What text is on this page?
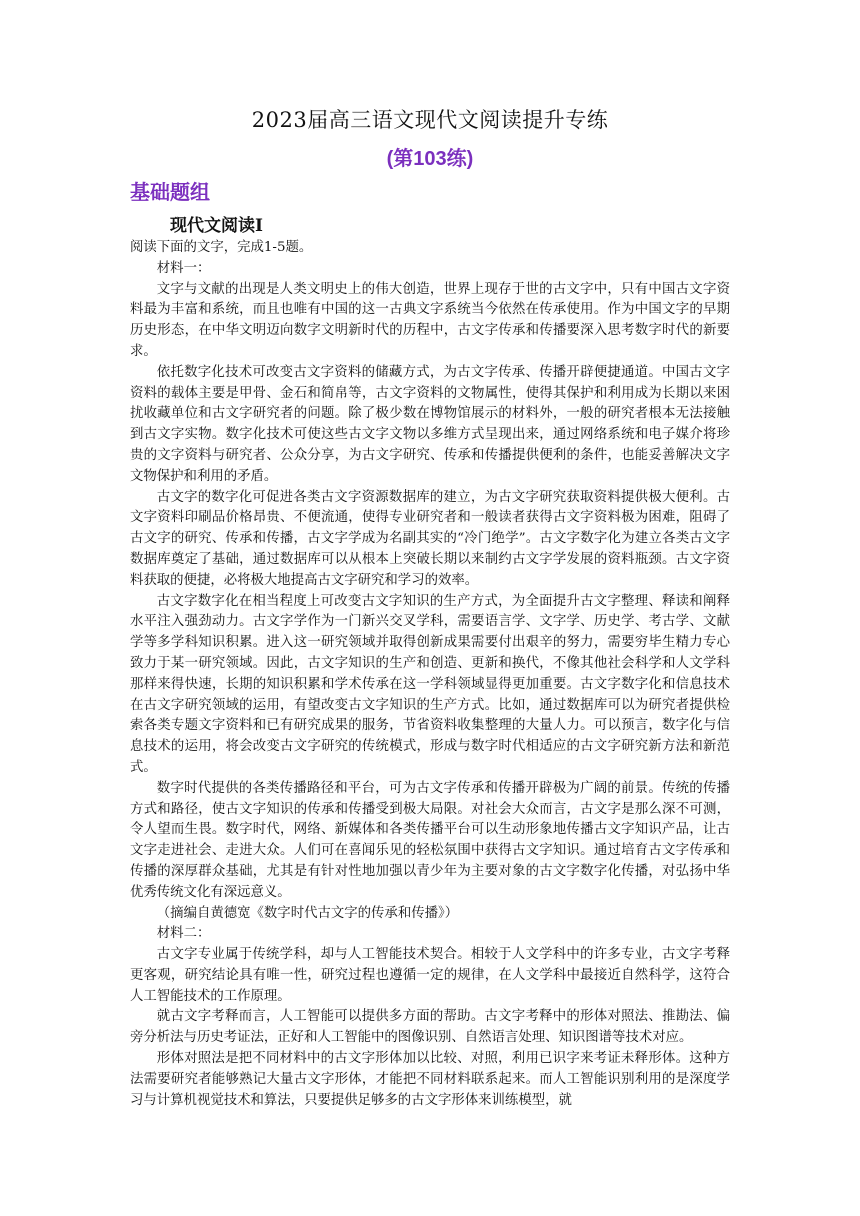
2023届高三语文现代文阅读提升专练
(第103练)
基础题组
现代文阅读Ⅰ

阅读下面的文字，完成1-5题。

材料一：

文字与文献的出现是人类文明史上的伟大创造，世界上现存于世的古文字中，只有中国古文字资料最为丰富和系统，而且也唯有中国的这一古典文字系统当今依然在传承使用。作为中国文字的早期历史形态，在中华文明迈向数字文明新时代的历程中，古文字传承和传播要深入思考数字时代的新要求。

依托数字化技术可改变古文字资料的储藏方式，为古文字传承、传播开辟便捷通道。中国古文字资料的载体主要是甲骨、金石和简帛等，古文字资料的文物属性，使得其保护和利用成为长期以来困扰收藏单位和古文字研究者的问题。除了极少数在博物馆展示的材料外，一般的研究者根本无法接触到古文字实物。数字化技术可使这些古文字文物以多维方式呈现出来，通过网络系统和电子媒介将珍贵的文字资料与研究者、公众分享，为古文字研究、传承和传播提供便利的条件，也能妥善解决文字文物保护和利用的矛盾。

古文字的数字化可促进各类古文字资源数据库的建立，为古文字研究获取资料提供极大便利。古文字资料印刷品价格昂贵、不便流通，使得专业研究者和一般读者获得古文字资料极为困难，阻碍了古文字的研究、传承和传播，古文字学成为名副其实的“冷门绝学”。古文字数字化为建立各类古文字数据库奠定了基础，通过数据库可以从根本上突破长期以来制约古文字学发展的资料瓶颈。古文字资料获取的便捷，必将极大地提高古文字研究和学习的效率。

古文字数字化在相当程度上可改变古文字知识的生产方式，为全面提升古文字整理、释读和阐释水平注入强劲动力。古文字学作为一门新兴交叉学科，需要语言学、文字学、历史学、考古学、文献学等多学科知识积累。进入这一研究领域并取得创新成果需要付出艰辛的努力，需要穷毕生精力专心致力于某一研究领域。因此，古文字知识的生产和创造、更新和换代，不像其他社会科学和人文学科那样来得快速，长期的知识积累和学术传承在这一学科领域显得更加重要。古文字数字化和信息技术在古文字研究领域的运用，有望改变古文字知识的生产方式。比如，通过数据库可以为研究者提供检索各类专题文字资料和已有研究成果的服务，节省资料收集整理的大量人力。可以预言，数字化与信息技术的运用，将会改变古文字研究的传统模式，形成与数字时代相适应的古文字研究新方法和新范式。

数字时代提供的各类传播路径和平台，可为古文字传承和传播开辟极为广阔的前景。传统的传播方式和路径，使古文字知识的传承和传播受到极大局限。对社会大众而言，古文字是那么深不可测，令人望而生畏。数字时代，网络、新媒体和各类传播平台可以生动形象地传播古文字知识产品，让古文字走进社会、走进大众。人们可在喜闻乐见的轻松氛围中获得古文字知识。通过培育古文字传承和传播的深厚群众基础，尤其是有针对性地加强以青少年为主要对象的古文字数字化传播，对弘扬中华优秀传统文化有深远意义。

（摘编自黄德宽《数字时代古文字的传承和传播》）

材料二：

古文字专业属于传统学科，却与人工智能技术契合。相较于人文学科中的许多专业，古文字考释更客观，研究结论具有唯一性，研究过程也遵循一定的规律，在人文学科中最接近自然科学，这符合人工智能技术的工作原理。

就古文字考释而言，人工智能可以提供多方面的帮助。古文字考释中的形体对照法、推勘法、偏旁分析法与历史考证法，正好和人工智能中的图像识别、自然语言处理、知识图谱等技术对应。

形体对照法是把不同材料中的古文字形体加以比较、对照，利用已识字来考证未释形体。这种方法需要研究者能够熟记大量古文字形体，才能把不同材料联系起来。而人工智能识别利用的是深度学习与计算机视觉技术和算法，只要提供足够多的古文字形体来训练模型，就
